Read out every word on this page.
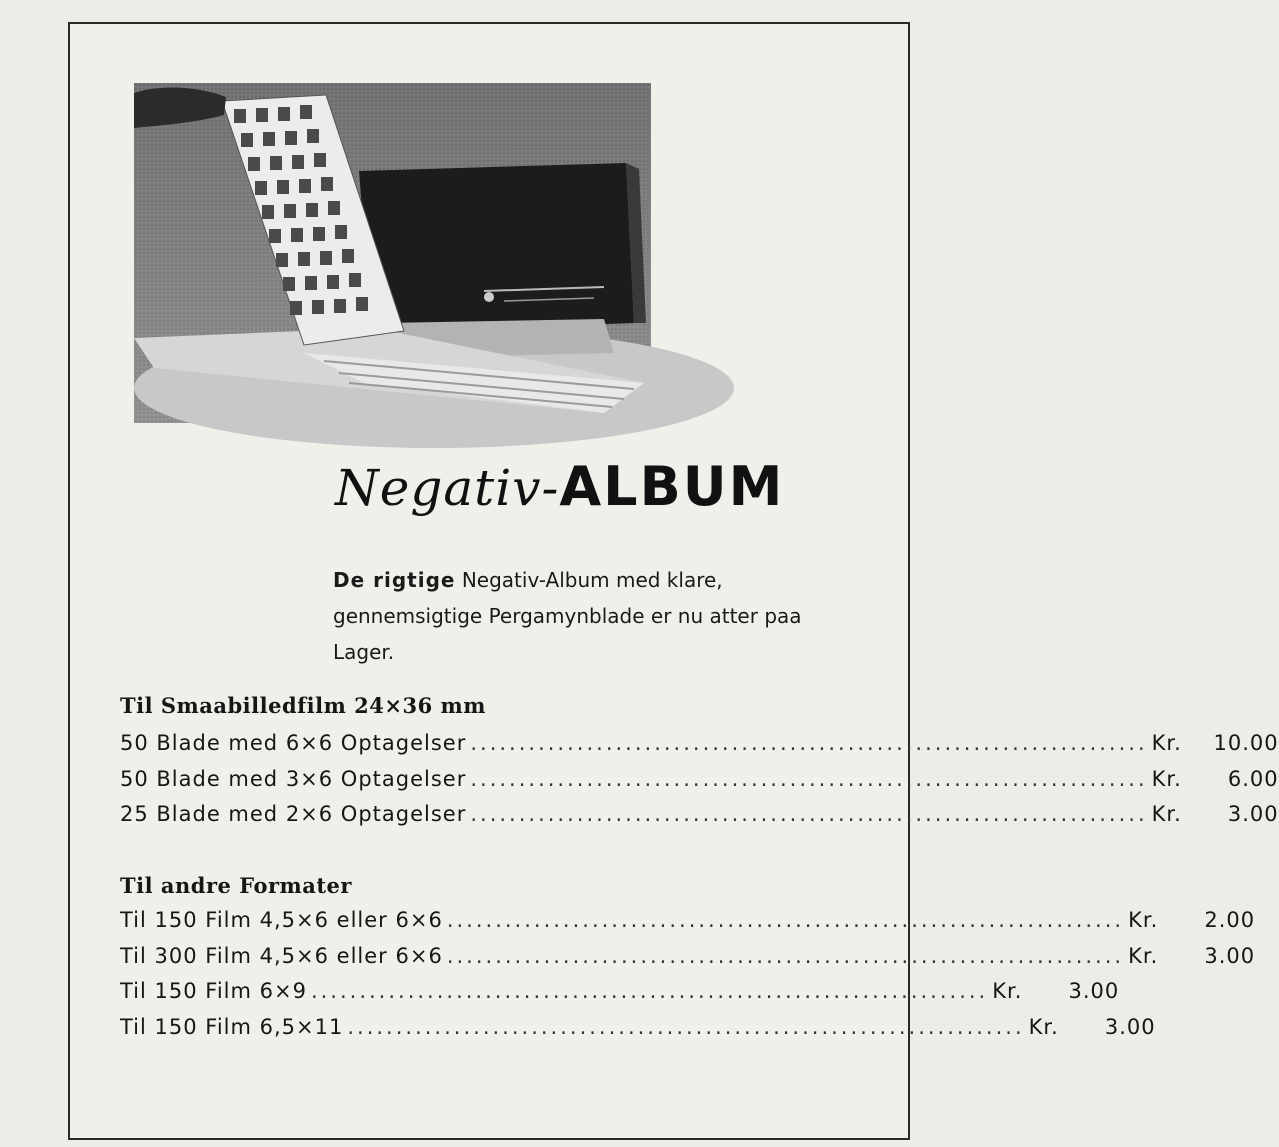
Negativ-ALBUM
De rigtige Negativ-Album med klare, gennemsigtige Pergamynblade er nu atter paa Lager.
Til Smaabilledfilm 24×36 mm
50 Blade med 6×6 Optagelser ...................................................................... Kr.	10.00
50 Blade med 3×6 Optagelser ...................................................................... Kr.	6.00
25 Blade med 2×6 Optagelser ...................................................................... Kr.	3.00
Til andre Formater
Til 150 Film 4,5×6 eller 6×6 ...................................................................... Kr.	2.00
Til 300 Film 4,5×6 eller 6×6 ...................................................................... Kr.	3.00
Til 150 Film 6×9 ...................................................................... Kr.	3.00
Til 150 Film 6,5×11 ...................................................................... Kr.	3.00
